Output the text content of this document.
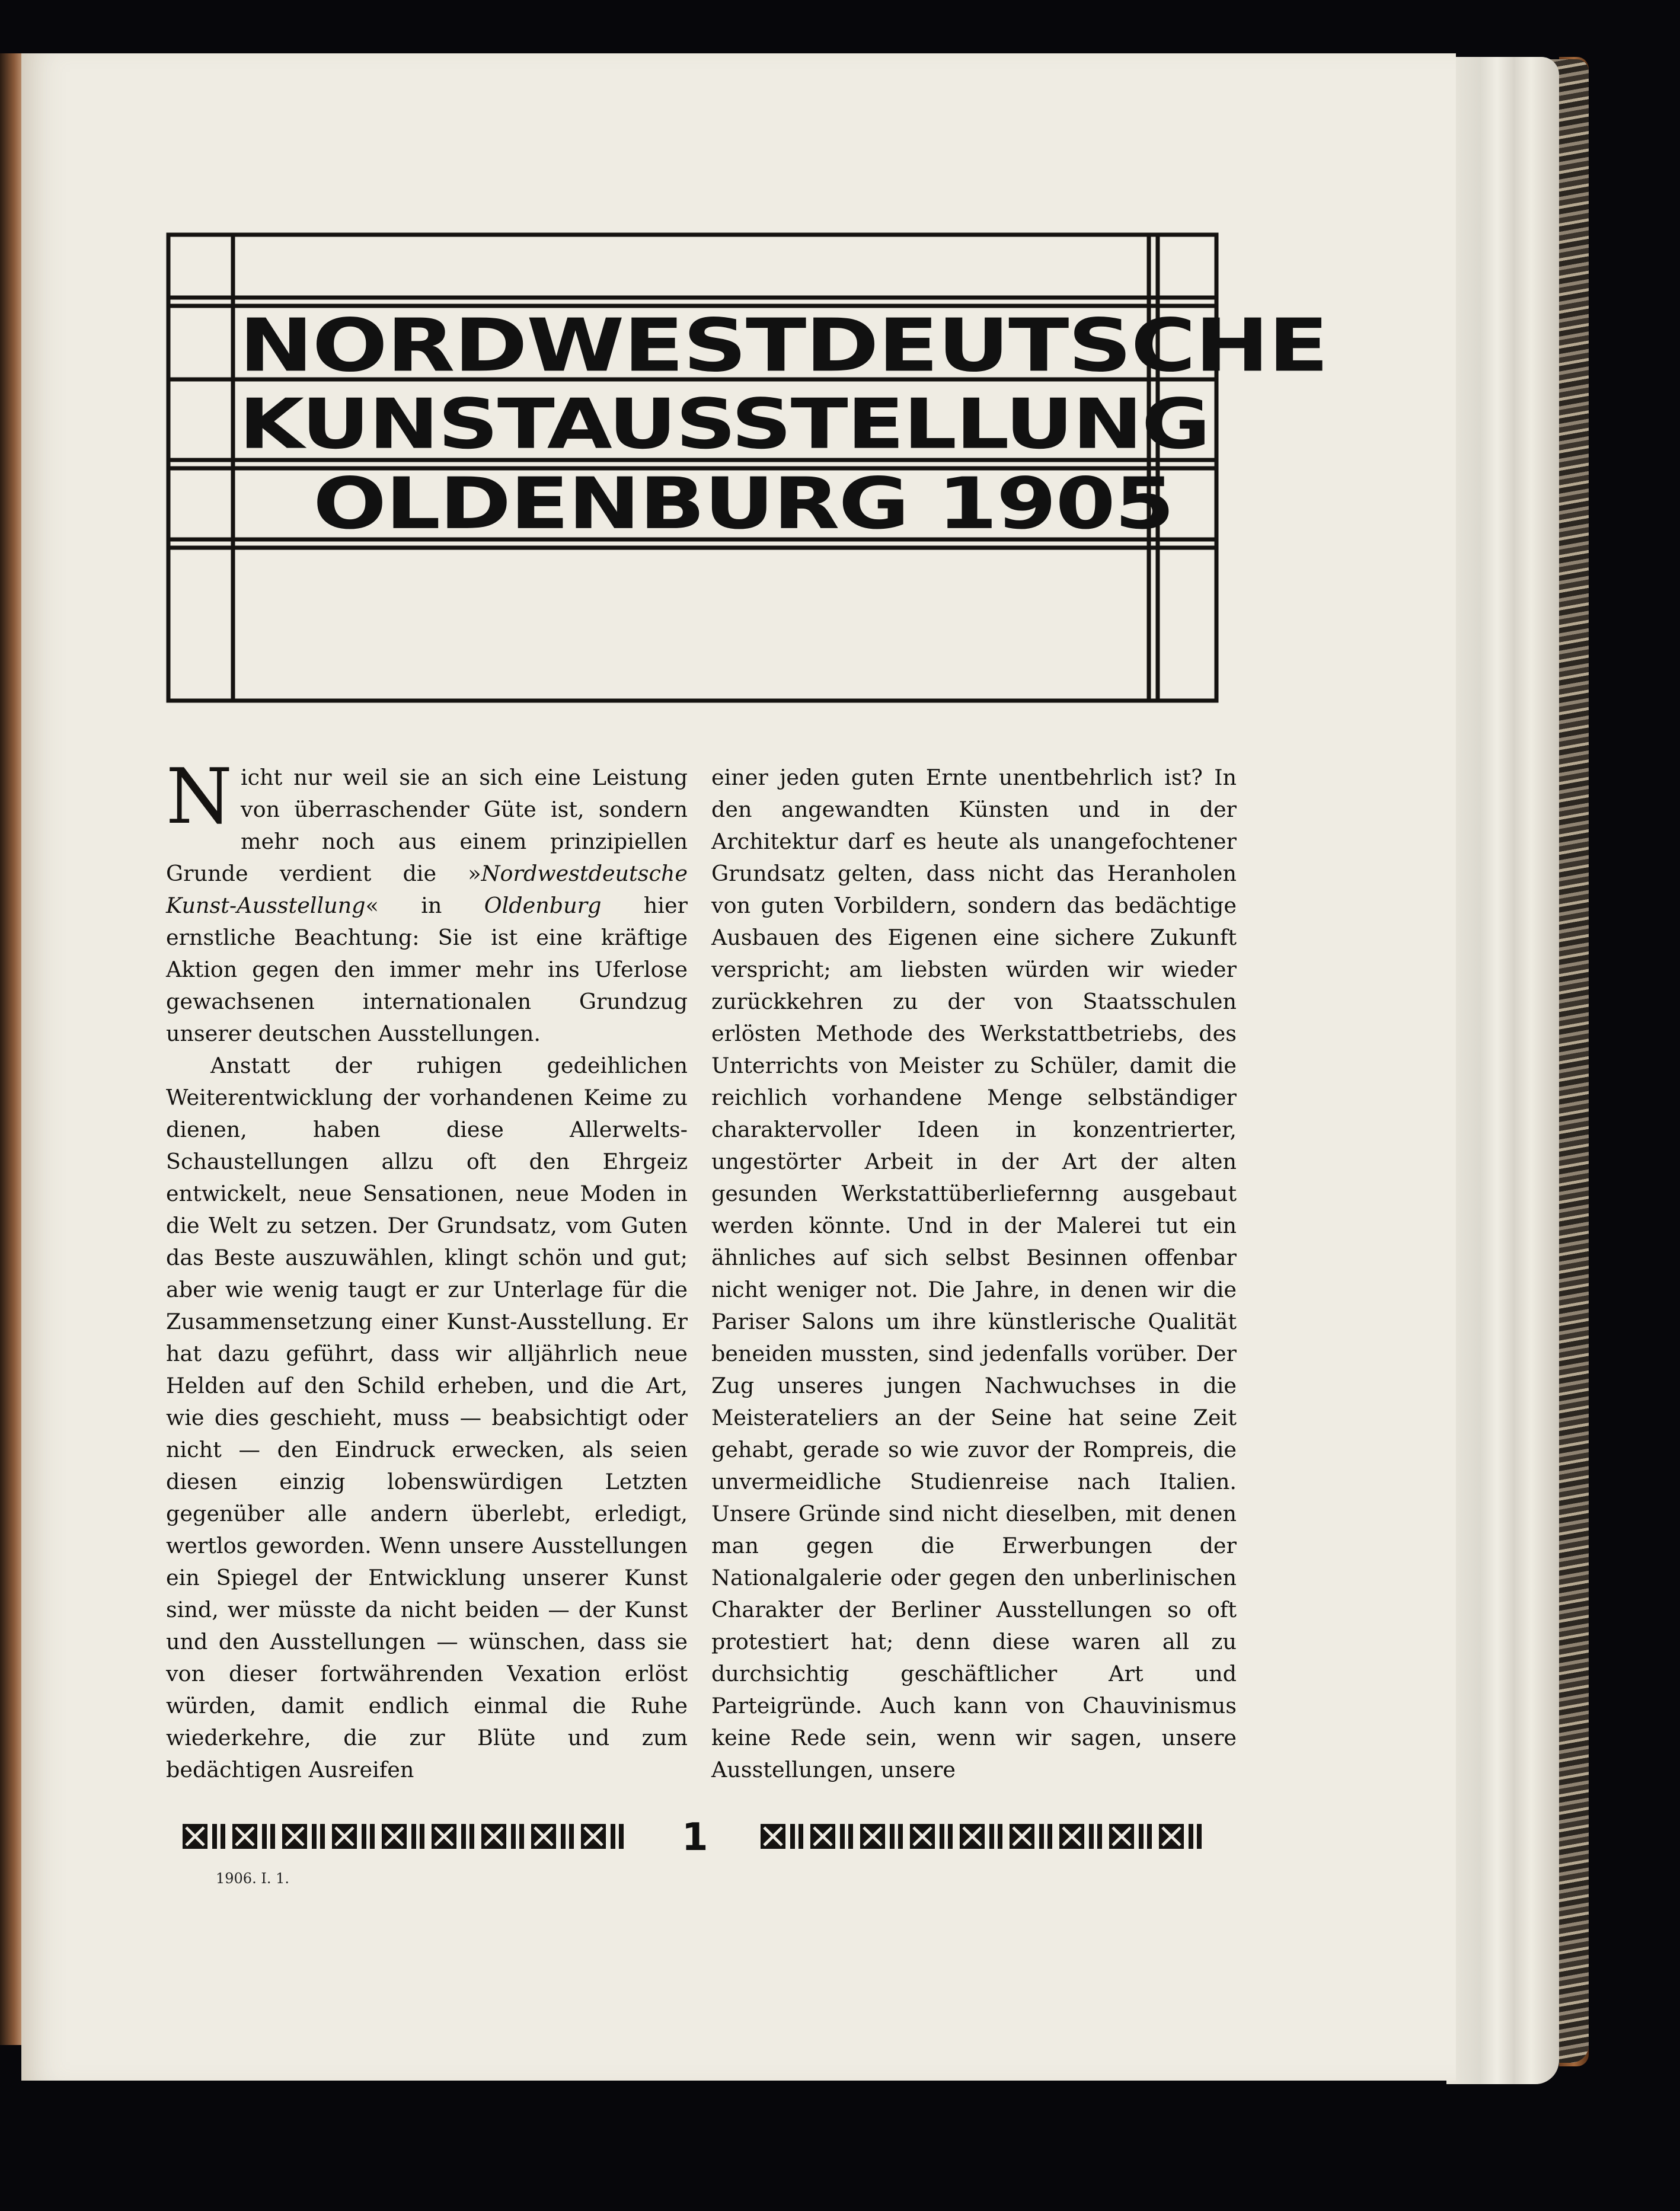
NORDWESTDEUTSCHE
KUNSTAUSSTELLUNG
OLDENBURG 1905

Nicht nur weil sie an sich eine Leistung von überraschender Güte ist, sondern mehr noch aus einem prinzipiellen Grunde verdient die »Nordwestdeutsche Kunst-Ausstellung« in Oldenburg hier ernstliche Beachtung: Sie ist eine kräftige Aktion gegen den immer mehr ins Uferlose gewachsenen internationalen Grundzug unserer deutschen Ausstellungen.

Anstatt der ruhigen gedeihlichen Weiterentwicklung der vorhandenen Keime zu dienen, haben diese Allerwelts-Schaustellungen allzu oft den Ehrgeiz entwickelt, neue Sensationen, neue Moden in die Welt zu setzen. Der Grundsatz, vom Guten das Beste auszuwählen, klingt schön und gut; aber wie wenig taugt er zur Unterlage für die Zusammensetzung einer Kunst-Ausstellung. Er hat dazu geführt, dass wir alljährlich neue Helden auf den Schild erheben, und die Art, wie dies geschieht, muss — beabsichtigt oder nicht — den Eindruck erwecken, als seien diesen einzig lobenswürdigen Letzten gegenüber alle andern überlebt, erledigt, wertlos geworden. Wenn unsere Ausstellungen ein Spiegel der Entwicklung unserer Kunst sind, wer müsste da nicht beiden — der Kunst und den Ausstellungen — wünschen, dass sie von dieser fortwährenden Vexation erlöst würden, damit endlich einmal die Ruhe wiederkehre, die zur Blüte und zum bedächtigen Ausreifen

einer jeden guten Ernte unentbehrlich ist? In den angewandten Künsten und in der Architektur darf es heute als unangefochtener Grundsatz gelten, dass nicht das Heranholen von guten Vorbildern, sondern das bedächtige Ausbauen des Eigenen eine sichere Zukunft verspricht; am liebsten würden wir wieder zurückkehren zu der von Staatsschulen erlösten Methode des Werkstattbetriebs, des Unterrichts von Meister zu Schüler, damit die reichlich vorhandene Menge selbständiger charaktervoller Ideen in konzentrierter, ungestörter Arbeit in der Art der alten gesunden Werkstattüberliefernng ausgebaut werden könnte. Und in der Malerei tut ein ähnliches auf sich selbst Besinnen offenbar nicht weniger not. Die Jahre, in denen wir die Pariser Salons um ihre künstlerische Qualität beneiden mussten, sind jedenfalls vorüber. Der Zug unseres jungen Nachwuchses in die Meisterateliers an der Seine hat seine Zeit gehabt, gerade so wie zuvor der Rompreis, die unvermeidliche Studienreise nach Italien. Unsere Gründe sind nicht dieselben, mit denen man gegen die Erwerbungen der Nationalgalerie oder gegen den unberlinischen Charakter der Berliner Ausstellungen so oft protestiert hat; denn diese waren all zu durchsichtig geschäftlicher Art und Parteigründe. Auch kann von Chauvinismus keine Rede sein, wenn wir sagen, unsere Ausstellungen, unsere

1
1906. I. 1.
